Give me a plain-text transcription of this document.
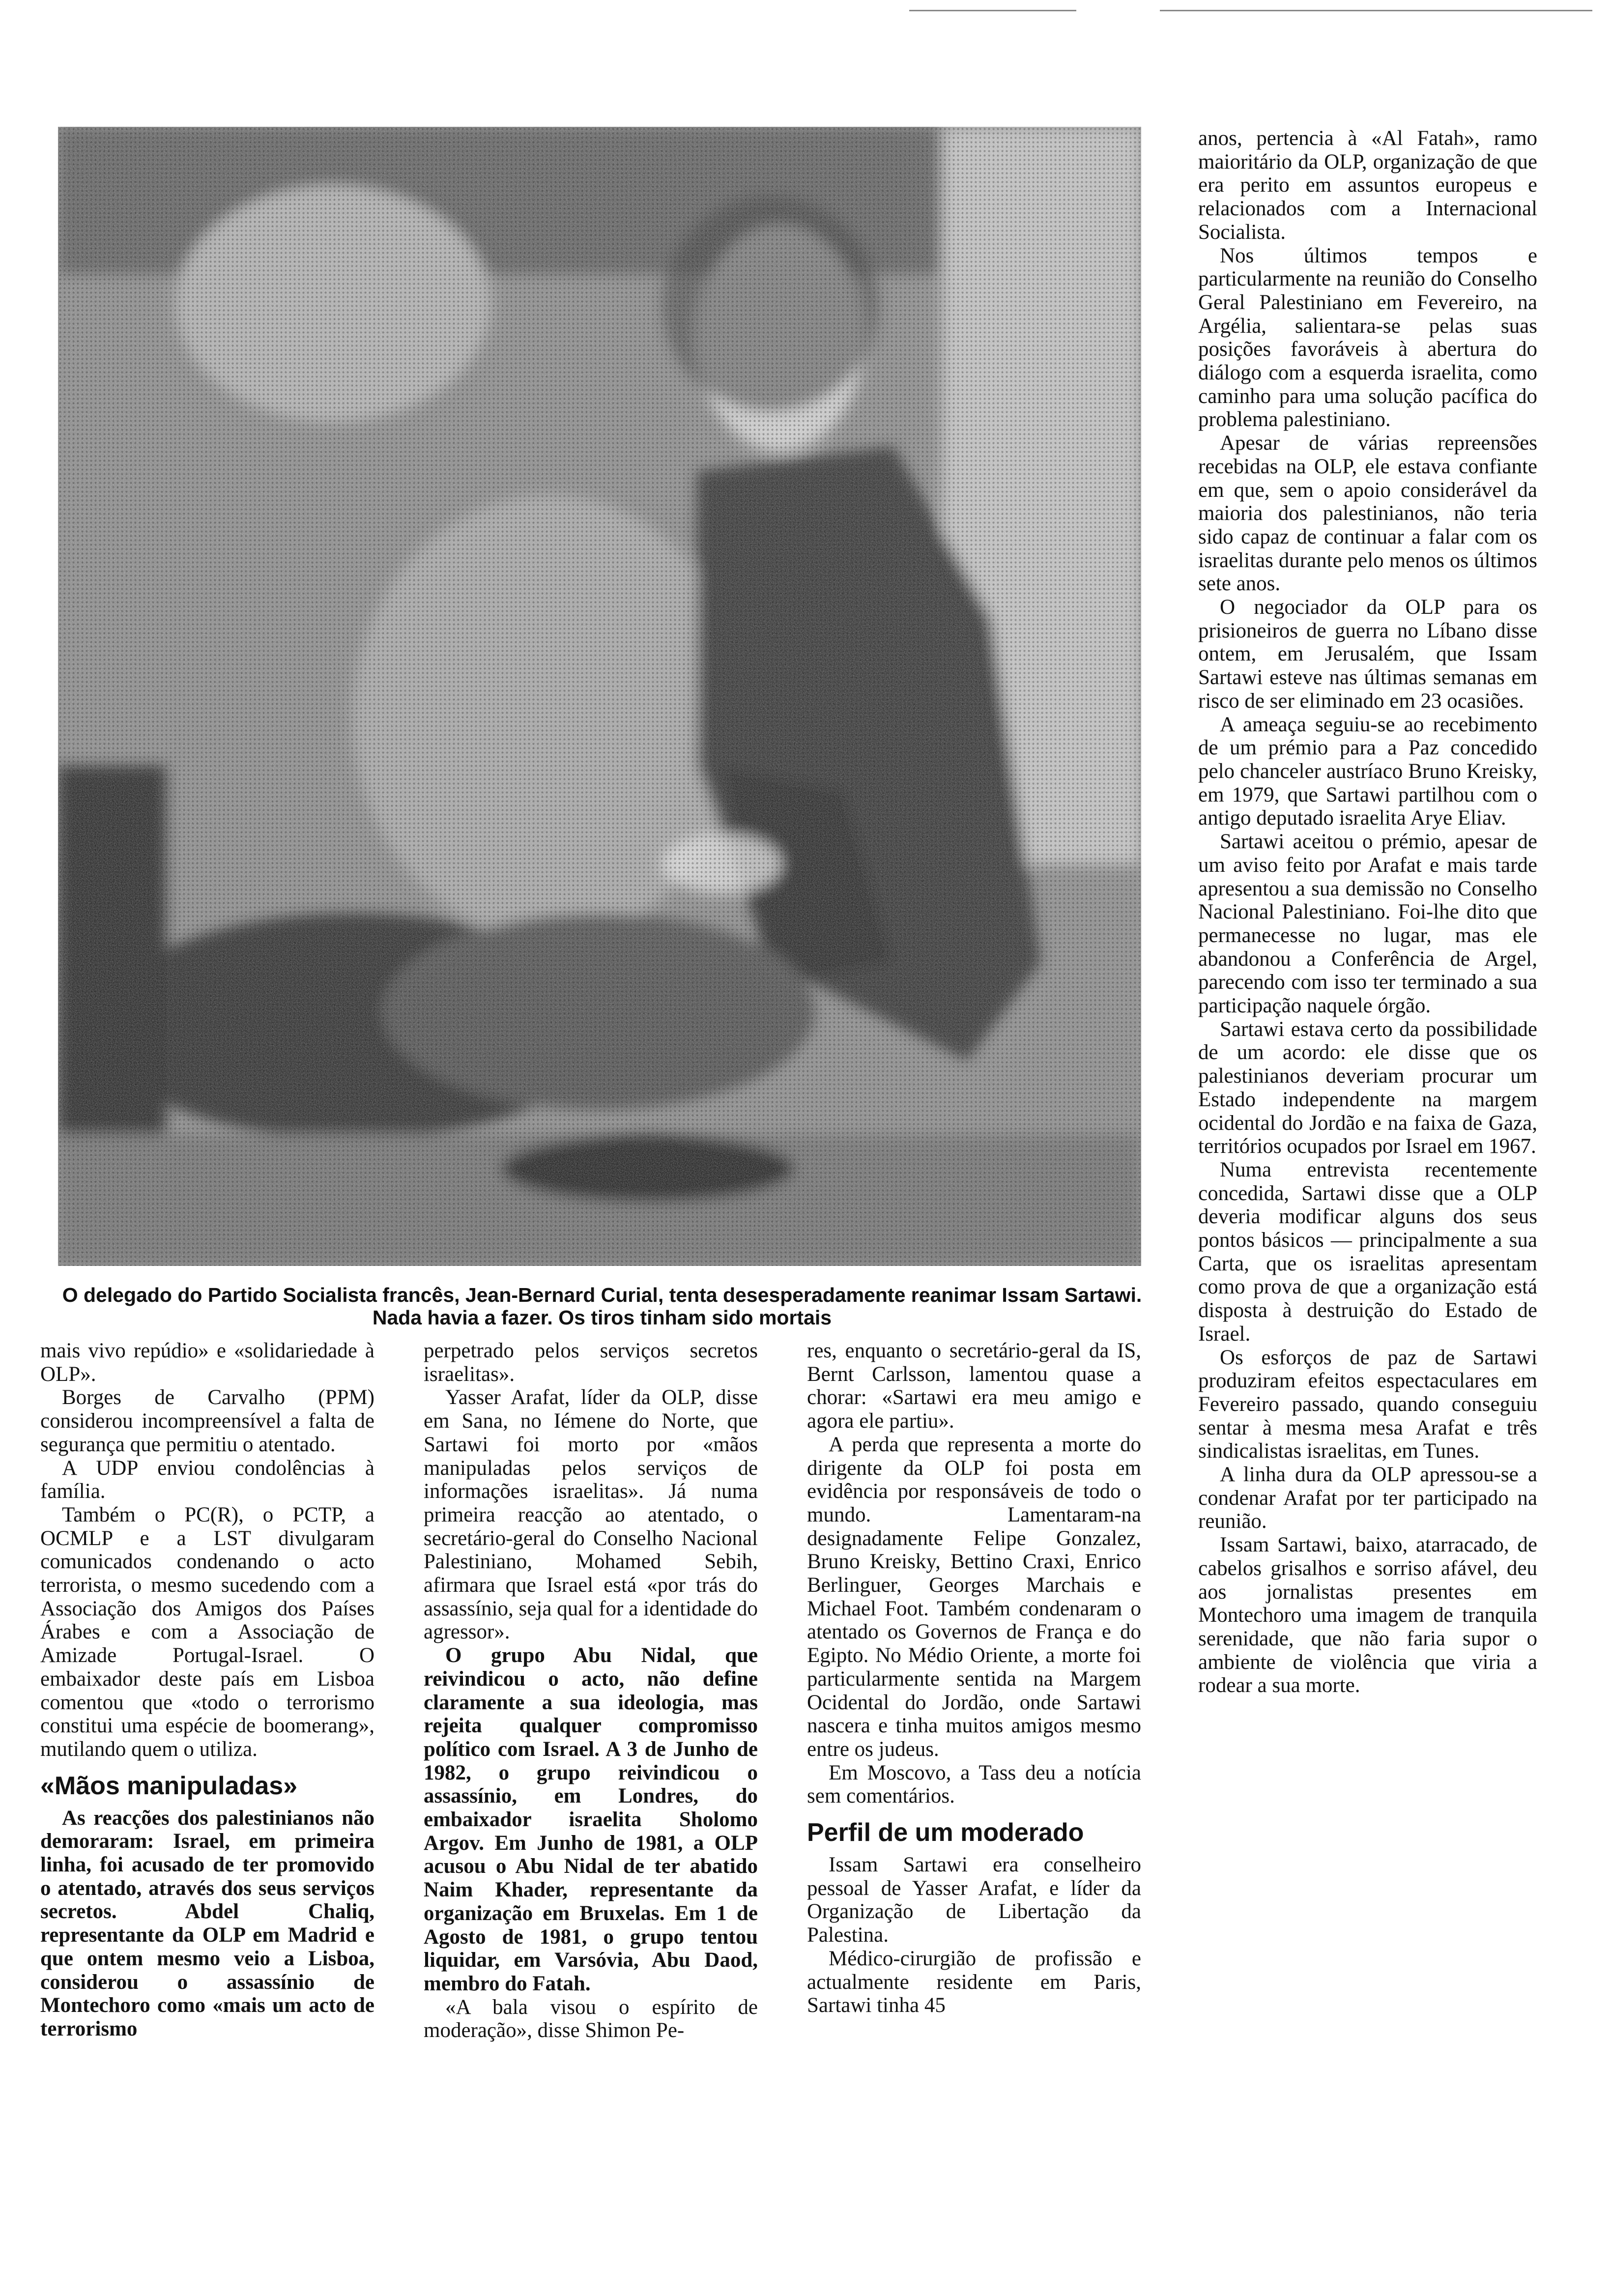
O delegado do Partido Socialista francês, Jean-Bernard Curial, tenta desesperadamente reanimar Issam Sartawi. Nada havia a fazer. Os tiros tinham sido mortais

anos, pertencia à «Al Fatah», ramo maioritário da OLP, organização de que era perito em assuntos europeus e relacionados com a Internacional Socialista.

Nos últimos tempos e particularmente na reunião do Conselho Geral Palestiniano em Fevereiro, na Argélia, salientara-se pelas suas posições favoráveis à abertura do diálogo com a esquerda israelita, como caminho para uma solução pacífica do problema palestiniano.

Apesar de várias repreensões recebidas na OLP, ele estava confiante em que, sem o apoio considerável da maioria dos palestinianos, não teria sido capaz de continuar a falar com os israelitas durante pelo menos os últimos sete anos.

O negociador da OLP para os prisioneiros de guerra no Líbano disse ontem, em Jerusalém, que Issam Sartawi esteve nas últimas semanas em risco de ser eliminado em 23 ocasiões.

A ameaça seguiu-se ao recebimento de um prémio para a Paz concedido pelo chanceler austríaco Bruno Kreisky, em 1979, que Sartawi partilhou com o antigo deputado israelita Arye Eliav.

Sartawi aceitou o prémio, apesar de um aviso feito por Arafat e mais tarde apresentou a sua demissão no Conselho Nacional Palestiniano. Foi-lhe dito que permanecesse no lugar, mas ele abandonou a Conferência de Argel, parecendo com isso ter terminado a sua participação naquele órgão.

Sartawi estava certo da possibilidade de um acordo: ele disse que os palestinianos deveriam procurar um Estado independente na margem ocidental do Jordão e na faixa de Gaza, territórios ocupados por Israel em 1967.

Numa entrevista recentemente concedida, Sartawi disse que a OLP deveria modificar alguns dos seus pontos básicos — principalmente a sua Carta, que os israelitas apresentam como prova de que a organização está disposta à destruição do Estado de Israel.

Os esforços de paz de Sartawi produziram efeitos espectaculares em Fevereiro passado, quando conseguiu sentar à mesma mesa Arafat e três sindicalistas israelitas, em Tunes.

A linha dura da OLP apressou-se a condenar Arafat por ter participado na reunião.

Issam Sartawi, baixo, atarracado, de cabelos grisalhos e sorriso afável, deu aos jornalistas presentes em Montechoro uma imagem de tranquila serenidade, que não faria supor o ambiente de violência que viria a rodear a sua morte.

mais vivo repúdio» e «solidariedade à OLP».

Borges de Carvalho (PPM) considerou incompreensível a falta de segurança que permitiu o atentado.

A UDP enviou condolências à família.

Também o PC(R), o PCTP, a OCMLP e a LST divulgaram comunicados condenando o acto terrorista, o mesmo sucedendo com a Associação dos Amigos dos Países Árabes e com a Associação de Amizade Portugal-Israel. O embaixador deste país em Lisboa comentou que «todo o terrorismo constitui uma espécie de boomerang», mutilando quem o utiliza.

«Mãos manipuladas»

As reacções dos palestinianos não demoraram: Israel, em primeira linha, foi acusado de ter promovido o atentado, através dos seus serviços secretos. Abdel Chaliq, representante da OLP em Madrid e que ontem mesmo veio a Lisboa, considerou o assassínio de Montechoro como «mais um acto de terrorismo

perpetrado pelos serviços secretos israelitas».

Yasser Arafat, líder da OLP, disse em Sana, no Iémene do Norte, que Sartawi foi morto por «mãos manipuladas pelos serviços de informações israelitas». Já numa primeira reacção ao atentado, o secretário-geral do Conselho Nacional Palestiniano, Mohamed Sebih, afirmara que Israel está «por trás do assassínio, seja qual for a identidade do agressor».

O grupo Abu Nidal, que reivindicou o acto, não define claramente a sua ideologia, mas rejeita qualquer compromisso político com Israel. A 3 de Junho de 1982, o grupo reivindicou o assassínio, em Londres, do embaixador israelita Sholomo Argov. Em Junho de 1981, a OLP acusou o Abu Nidal de ter abatido Naim Khader, representante da organização em Bruxelas. Em 1 de Agosto de 1981, o grupo tentou liquidar, em Varsóvia, Abu Daod, membro do Fatah.

«A bala visou o espírito de moderação», disse Shimon Pe-

res, enquanto o secretário-geral da IS, Bernt Carlsson, lamentou quase a chorar: «Sartawi era meu amigo e agora ele partiu».

A perda que representa a morte do dirigente da OLP foi posta em evidência por responsáveis de todo o mundo. Lamentaram-na designadamente Felipe Gonzalez, Bruno Kreisky, Bettino Craxi, Enrico Berlinguer, Georges Marchais e Michael Foot. Também condenaram o atentado os Governos de França e do Egipto. No Médio Oriente, a morte foi particularmente sentida na Margem Ocidental do Jordão, onde Sartawi nascera e tinha muitos amigos mesmo entre os judeus.

Em Moscovo, a Tass deu a notícia sem comentários.

Perfil de um moderado

Issam Sartawi era conselheiro pessoal de Yasser Arafat, e líder da Organização de Libertação da Palestina.

Médico-cirurgião de profissão e actualmente residente em Paris, Sartawi tinha 45
